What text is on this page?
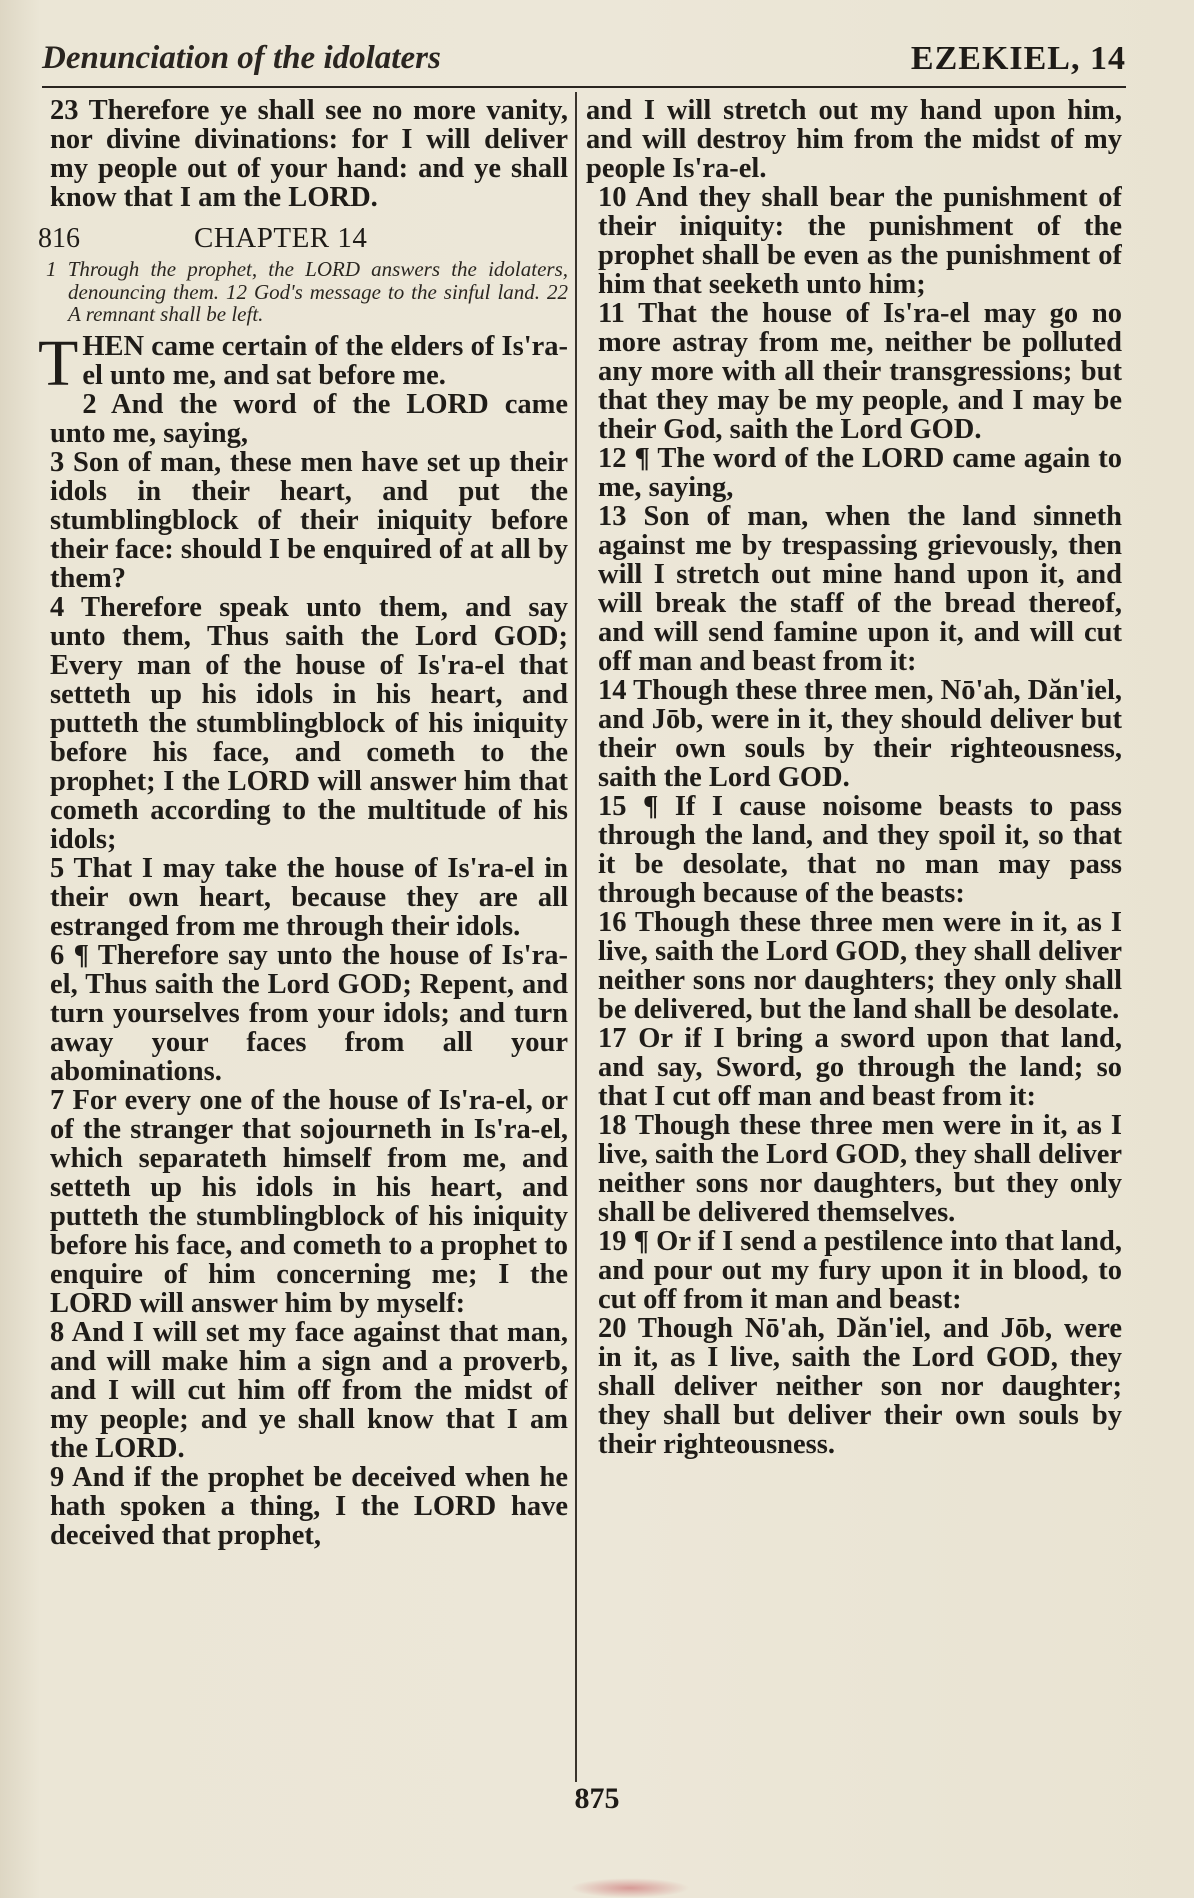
Denunciation of the idolaters	EZEKIEL, 14
23 Therefore ye shall see no more vanity, nor divine divinations: for I will deliver my people out of your hand: and ye shall know that I am the LORD.
816	CHAPTER 14
1 Through the prophet, the LORD answers the idolaters, denouncing them. 12 God's message to the sinful land. 22 A remnant shall be left.
T HEN came certain of the elders of Is'ra-el unto me, and sat before me.
2 And the word of the LORD came unto me, saying,
3 Son of man, these men have set up their idols in their heart, and put the stumblingblock of their iniquity before their face: should I be enquired of at all by them?
4 Therefore speak unto them, and say unto them, Thus saith the Lord GOD; Every man of the house of Is'ra-el that setteth up his idols in his heart, and putteth the stumblingblock of his iniquity before his face, and cometh to the prophet; I the LORD will answer him that cometh according to the multitude of his idols;
5 That I may take the house of Is'ra-el in their own heart, because they are all estranged from me through their idols.
6 ¶ Therefore say unto the house of Is'ra-el, Thus saith the Lord GOD; Repent, and turn yourselves from your idols; and turn away your faces from all your abominations.
7 For every one of the house of Is'ra-el, or of the stranger that sojourneth in Is'ra-el, which separateth himself from me, and setteth up his idols in his heart, and putteth the stumblingblock of his iniquity before his face, and cometh to a prophet to enquire of him concerning me; I the LORD will answer him by myself:
8 And I will set my face against that man, and will make him a sign and a proverb, and I will cut him off from the midst of my people; and ye shall know that I am the LORD.
9 And if the prophet be deceived when he hath spoken a thing, I the LORD have deceived that prophet,
and I will stretch out my hand upon him, and will destroy him from the midst of my people Is'ra-el.
10 And they shall bear the punishment of their iniquity: the punishment of the prophet shall be even as the punishment of him that seeketh unto him;
11 That the house of Is'ra-el may go no more astray from me, neither be polluted any more with all their transgressions; but that they may be my people, and I may be their God, saith the Lord GOD.
12 ¶ The word of the LORD came again to me, saying,
13 Son of man, when the land sinneth against me by trespassing grievously, then will I stretch out mine hand upon it, and will break the staff of the bread thereof, and will send famine upon it, and will cut off man and beast from it:
14 Though these three men, Nō'ah, Dăn'iel, and Jōb, were in it, they should deliver but their own souls by their righteousness, saith the Lord GOD.
15 ¶ If I cause noisome beasts to pass through the land, and they spoil it, so that it be desolate, that no man may pass through because of the beasts:
16 Though these three men were in it, as I live, saith the Lord GOD, they shall deliver neither sons nor daughters; they only shall be delivered, but the land shall be desolate.
17 Or if I bring a sword upon that land, and say, Sword, go through the land; so that I cut off man and beast from it:
18 Though these three men were in it, as I live, saith the Lord GOD, they shall deliver neither sons nor daughters, but they only shall be delivered themselves.
19 ¶ Or if I send a pestilence into that land, and pour out my fury upon it in blood, to cut off from it man and beast:
20 Though Nō'ah, Dăn'iel, and Jōb, were in it, as I live, saith the Lord GOD, they shall deliver neither son nor daughter; they shall but deliver their own souls by their righteousness.
875
